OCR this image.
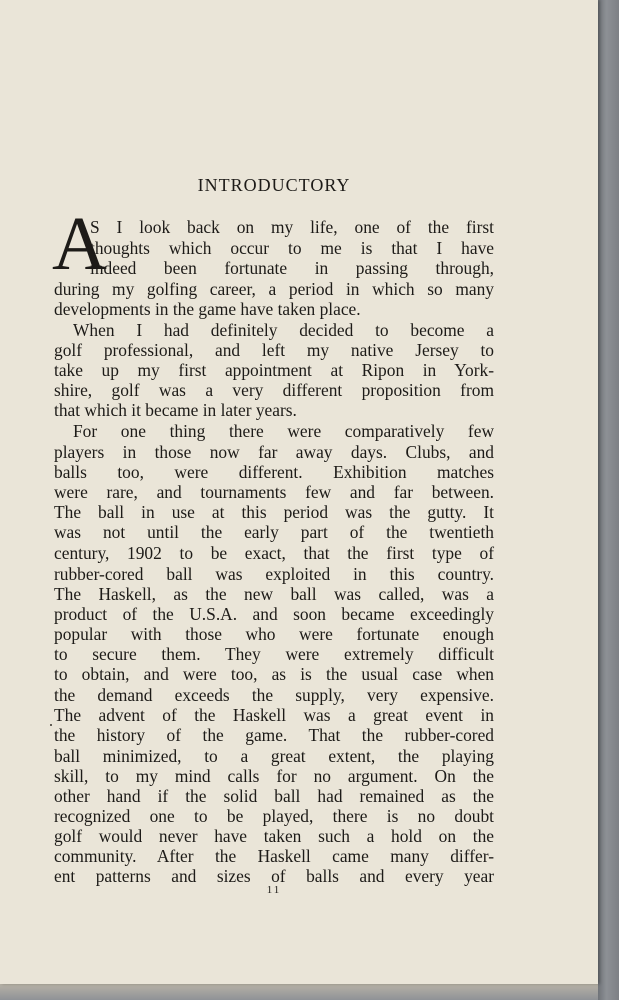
INTRODUCTORY
A
S I look back on my life, one of the first
thoughts which occur to me is that I have
indeed been fortunate in passing through,
during my golfing career, a period in which so many
developments in the game have taken place.
When I had definitely decided to become a
golf professional, and left my native Jersey to
take up my first appointment at Ripon in York-
shire, golf was a very different proposition from
that which it became in later years.
For one thing there were comparatively few
players in those now far away days. Clubs, and
balls too, were different. Exhibition matches
were rare, and tournaments few and far between.
The ball in use at this period was the gutty. It
was not until the early part of the twentieth
century, 1902 to be exact, that the first type of
rubber-cored ball was exploited in this country.
The Haskell, as the new ball was called, was a
product of the U.S.A. and soon became exceedingly
popular with those who were fortunate enough
to secure them. They were extremely difficult
to obtain, and were too, as is the usual case when
the demand exceeds the supply, very expensive.
The advent of the Haskell was a great event in
the history of the game. That the rubber-cored
ball minimized, to a great extent, the playing
skill, to my mind calls for no argument. On the
other hand if the solid ball had remained as the
recognized one to be played, there is no doubt
golf would never have taken such a hold on the
community. After the Haskell came many differ-
ent patterns and sizes of balls and every year
11
